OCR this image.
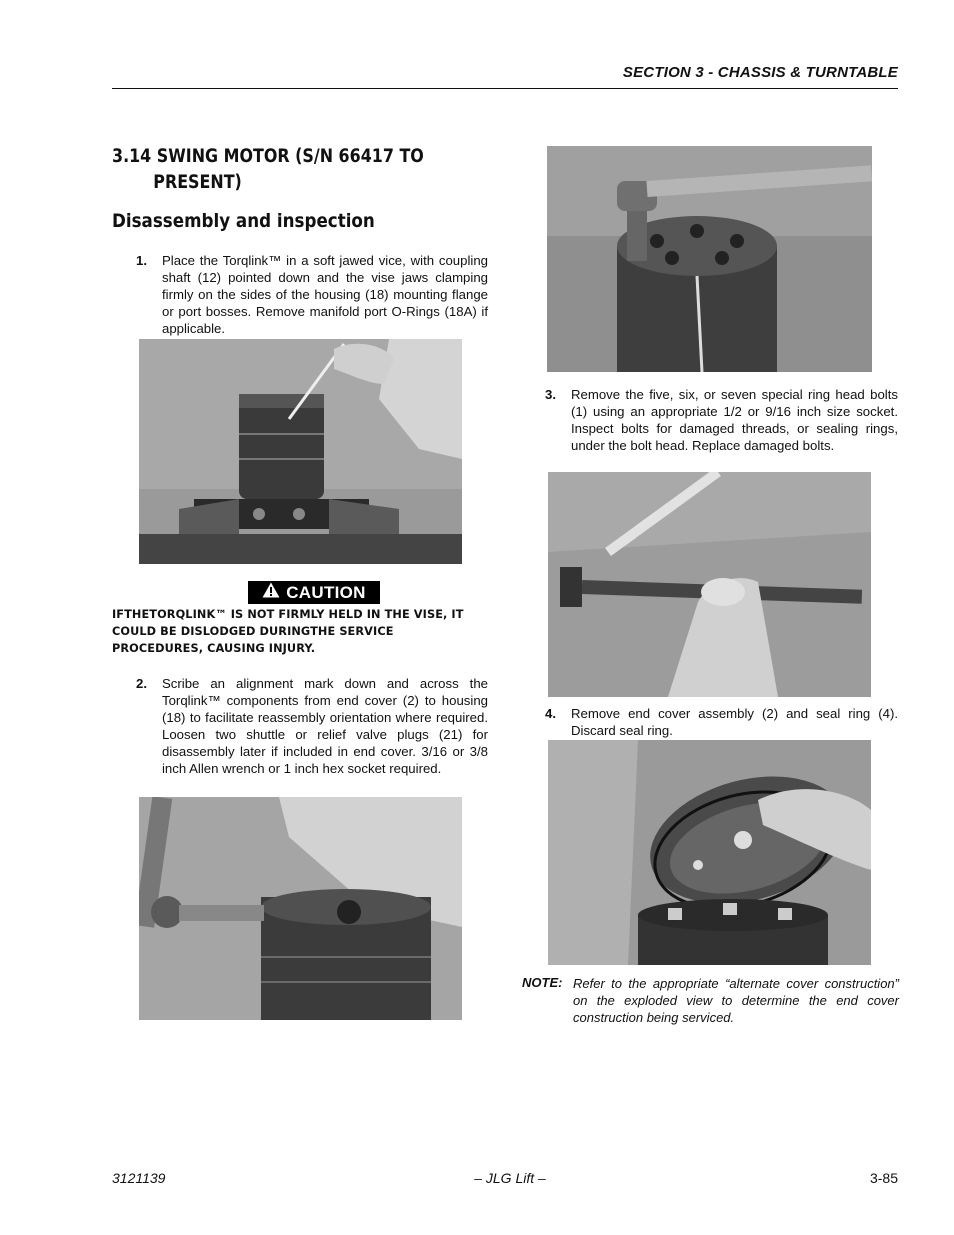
SECTION 3 - CHASSIS & TURNTABLE
3.14 SWING MOTOR (S/N 66417 TO
PRESENT)
Disassembly and inspection
1. Place the Torqlink™ in a soft jawed vice, with coupling shaft (12) pointed down and the vise jaws clamping firmly on the sides of the housing (18) mounting flange or port bosses. Remove manifold port O-Rings (18A) if applicable.
CAUTION
IFTHETORQLINK™ IS NOT FIRMLY HELD IN THE VISE, IT COULD BE DISLODGED DURINGTHE SERVICE PROCEDURES, CAUSING INJURY.
2. Scribe an alignment mark down and across the Torqlink™ components from end cover (2) to housing (18) to facilitate reassembly orientation where required. Loosen two shuttle or relief valve plugs (21) for disassembly later if included in end cover. 3/16 or 3/8 inch Allen wrench or 1 inch hex socket required.
3. Remove the five, six, or seven special ring head bolts (1) using an appropriate 1/2 or 9/16 inch size socket. Inspect bolts for damaged threads, or sealing rings, under the bolt head. Replace damaged bolts.
4. Remove end cover assembly (2) and seal ring (4). Discard seal ring.
NOTE: Refer to the appropriate “alternate cover construction” on the exploded view to determine the end cover construction being serviced.
3121139	– JLG Lift –	3-85
